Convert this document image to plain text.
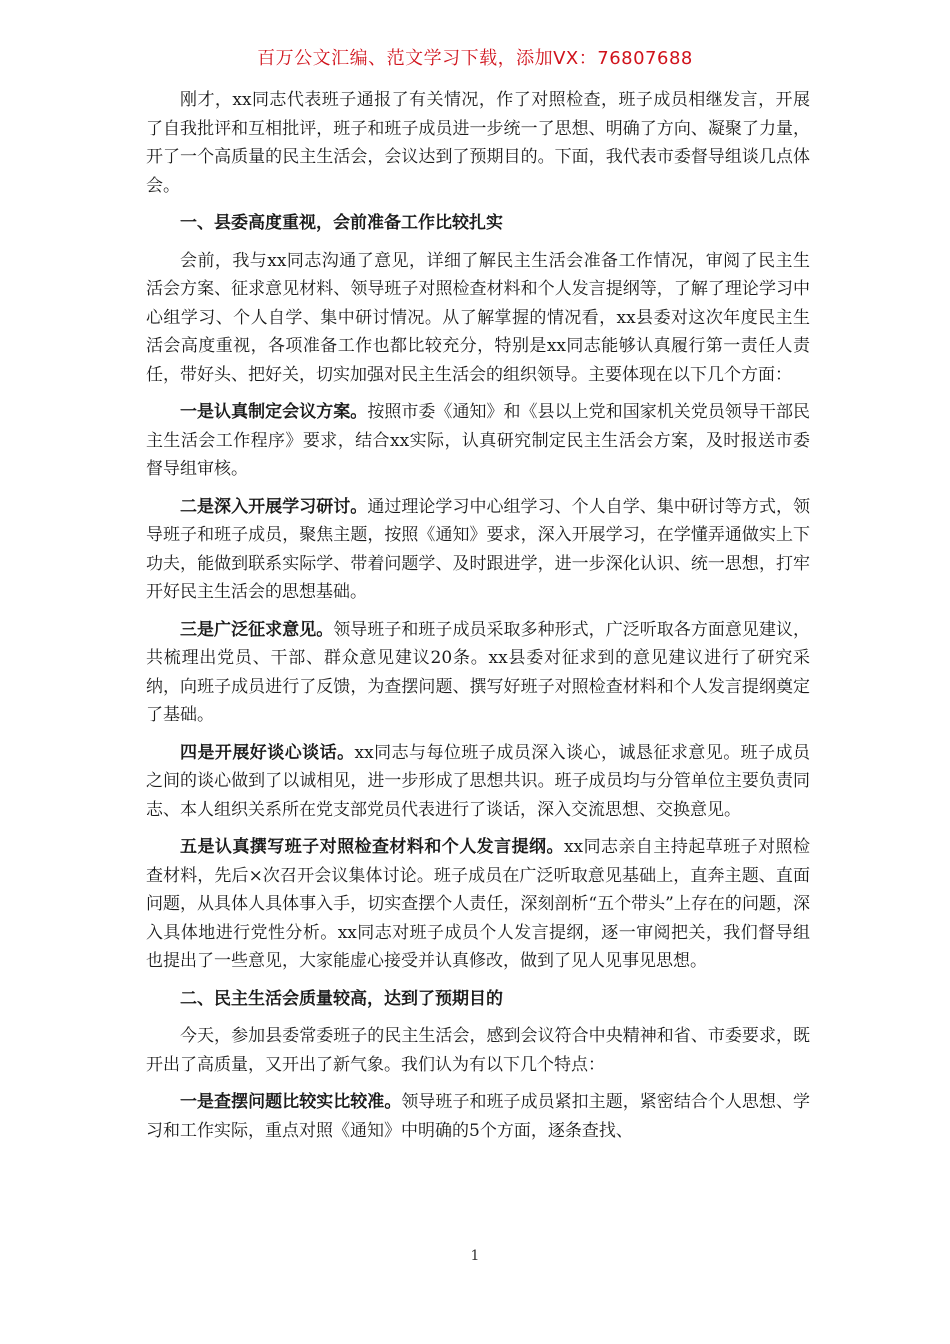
百万公文汇编、范文学习下载，添加VX：76807688

刚才，xx同志代表班子通报了有关情况，作了对照检查，班子成员相继发言，开展了自我批评和互相批评，班子和班子成员进一步统一了思想、明确了方向、凝聚了力量，开了一个高质量的民主生活会，会议达到了预期目的。下面，我代表市委督导组谈几点体会。

一、县委高度重视，会前准备工作比较扎实

会前，我与xx同志沟通了意见，详细了解民主生活会准备工作情况，审阅了民主生活会方案、征求意见材料、领导班子对照检查材料和个人发言提纲等，了解了理论学习中心组学习、个人自学、集中研讨情况。从了解掌握的情况看，xx县委对这次年度民主生活会高度重视，各项准备工作也都比较充分，特别是xx同志能够认真履行第一责任人责任，带好头、把好关，切实加强对民主生活会的组织领导。主要体现在以下几个方面：

一是认真制定会议方案。按照市委《通知》和《县以上党和国家机关党员领导干部民主生活会工作程序》要求，结合xx实际，认真研究制定民主生活会方案，及时报送市委督导组审核。

二是深入开展学习研讨。通过理论学习中心组学习、个人自学、集中研讨等方式，领导班子和班子成员，聚焦主题，按照《通知》要求，深入开展学习，在学懂弄通做实上下功夫，能做到联系实际学、带着问题学、及时跟进学，进一步深化认识、统一思想，打牢开好民主生活会的思想基础。

三是广泛征求意见。领导班子和班子成员采取多种形式，广泛听取各方面意见建议，共梳理出党员、干部、群众意见建议20条。xx县委对征求到的意见建议进行了研究采纳，向班子成员进行了反馈，为查摆问题、撰写好班子对照检查材料和个人发言提纲奠定了基础。

四是开展好谈心谈话。xx同志与每位班子成员深入谈心，诚恳征求意见。班子成员之间的谈心做到了以诚相见，进一步形成了思想共识。班子成员均与分管单位主要负责同志、本人组织关系所在党支部党员代表进行了谈话，深入交流思想、交换意见。

五是认真撰写班子对照检查材料和个人发言提纲。xx同志亲自主持起草班子对照检查材料，先后×次召开会议集体讨论。班子成员在广泛听取意见基础上，直奔主题、直面问题，从具体人具体事入手，切实查摆个人责任，深刻剖析“五个带头”上存在的问题，深入具体地进行党性分析。xx同志对班子成员个人发言提纲，逐一审阅把关，我们督导组也提出了一些意见，大家能虚心接受并认真修改，做到了见人见事见思想。

二、民主生活会质量较高，达到了预期目的

今天，参加县委常委班子的民主生活会，感到会议符合中央精神和省、市委要求，既开出了高质量，又开出了新气象。我们认为有以下几个特点：

一是查摆问题比较实比较准。领导班子和班子成员紧扣主题，紧密结合个人思想、学习和工作实际，重点对照《通知》中明确的5个方面，逐条查找、

1
